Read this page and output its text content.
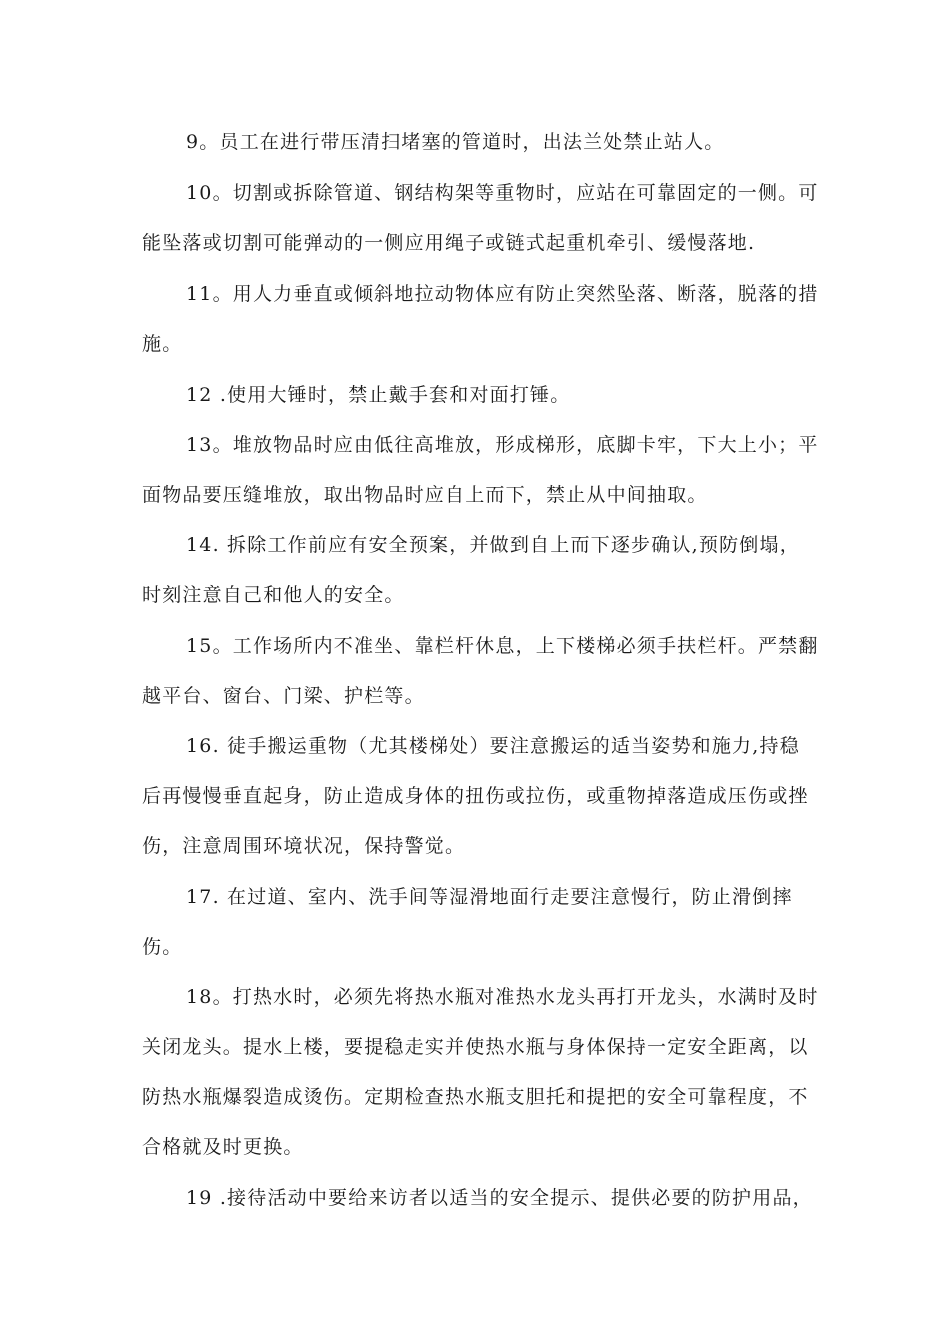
9。员工在进行带压清扫堵塞的管道时，出法兰处禁止站人。

10。切割或拆除管道、钢结构架等重物时，应站在可靠固定的一侧。可

能坠落或切割可能弹动的一侧应用绳子或链式起重机牵引、缓慢落地.

11。用人力垂直或倾斜地拉动物体应有防止突然坠落、断落，脱落的措

施。

12 .使用大锤时，禁止戴手套和对面打锤。

13。堆放物品时应由低往高堆放，形成梯形，底脚卡牢，下大上小；平

面物品要压缝堆放，取出物品时应自上而下，禁止从中间抽取。

14. 拆除工作前应有安全预案，并做到自上而下逐步确认,预防倒塌，

时刻注意自己和他人的安全。

15。工作场所内不准坐、靠栏杆休息，上下楼梯必须手扶栏杆。严禁翻

越平台、窗台、门梁、护栏等。

16. 徒手搬运重物（尤其楼梯处）要注意搬运的适当姿势和施力,持稳

后再慢慢垂直起身，防止造成身体的扭伤或拉伤，或重物掉落造成压伤或挫

伤，注意周围环境状况，保持警觉。

17. 在过道、室内、洗手间等湿滑地面行走要注意慢行，防止滑倒摔

伤。

18。打热水时，必须先将热水瓶对准热水龙头再打开龙头，水满时及时

关闭龙头。提水上楼，要提稳走实并使热水瓶与身体保持一定安全距离，以

防热水瓶爆裂造成烫伤。定期检查热水瓶支胆托和提把的安全可靠程度，不

合格就及时更换。

19 .接待活动中要给来访者以适当的安全提示、提供必要的防护用品，
